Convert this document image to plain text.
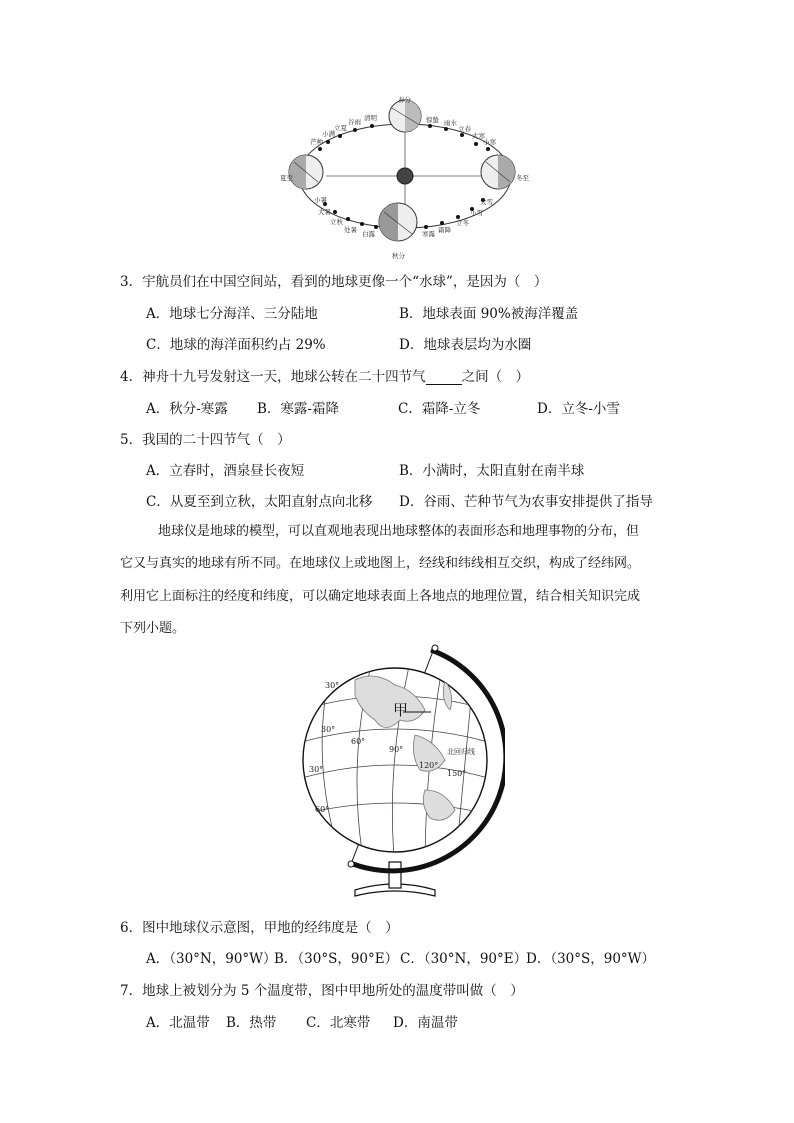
立夏
谷雨 清明
春分
惊蛰 雨水
立春
大寒
小满
芒种
夏至	冬至
小寒
小暑
大暑
立秋
处暑 白露	寒露 霜降
立冬
小雪
大雪
秋分
3．宇航员们在中国空间站，看到的地球更像一个“水球”，是因为（　）
A．地球七分海洋、三分陆地	B．地球表面 90%被海洋覆盖
C．地球的海洋面积约占 29%	D．地球表层均为水圈
4．神舟十九号发射这一天，地球公转在二十四节气	之间（　）
A．秋分-寒露 B．寒露-霜降	C．霜降-立冬	D．立冬-小雪
5．我国的二十四节气（　）
A．立春时，酒泉昼长夜短	B．小满时，太阳直射在南半球
C．从夏至到立秋，太阳直射点向北移 D．谷雨、芒种节气为农事安排提供了指导
地球仪是地球的模型，可以直观地表现出地球整体的表面形态和地理事物的分布，但
它又与真实的地球有所不同。在地球仪上或地图上，经线和纬线相互交织，构成了经纬网。
利用它上面标注的经度和纬度，可以确定地球表面上各地点的地理位置，结合相关知识完成
下列小题。
甲
30°
30°
30°
60°
60°
90°
120°
150°
北回归线
6．图中地球仪示意图，甲地的经纬度是（　）
A．（30°N，90°W）
B．（30°S，90°E） C．（30°N，90°E）
D．（30°S，90°W）
7．地球上被划分为 5 个温度带，图中甲地所处的温度带叫做（　）
A．北温带 B．热带 C．北寒带 D．南温带
